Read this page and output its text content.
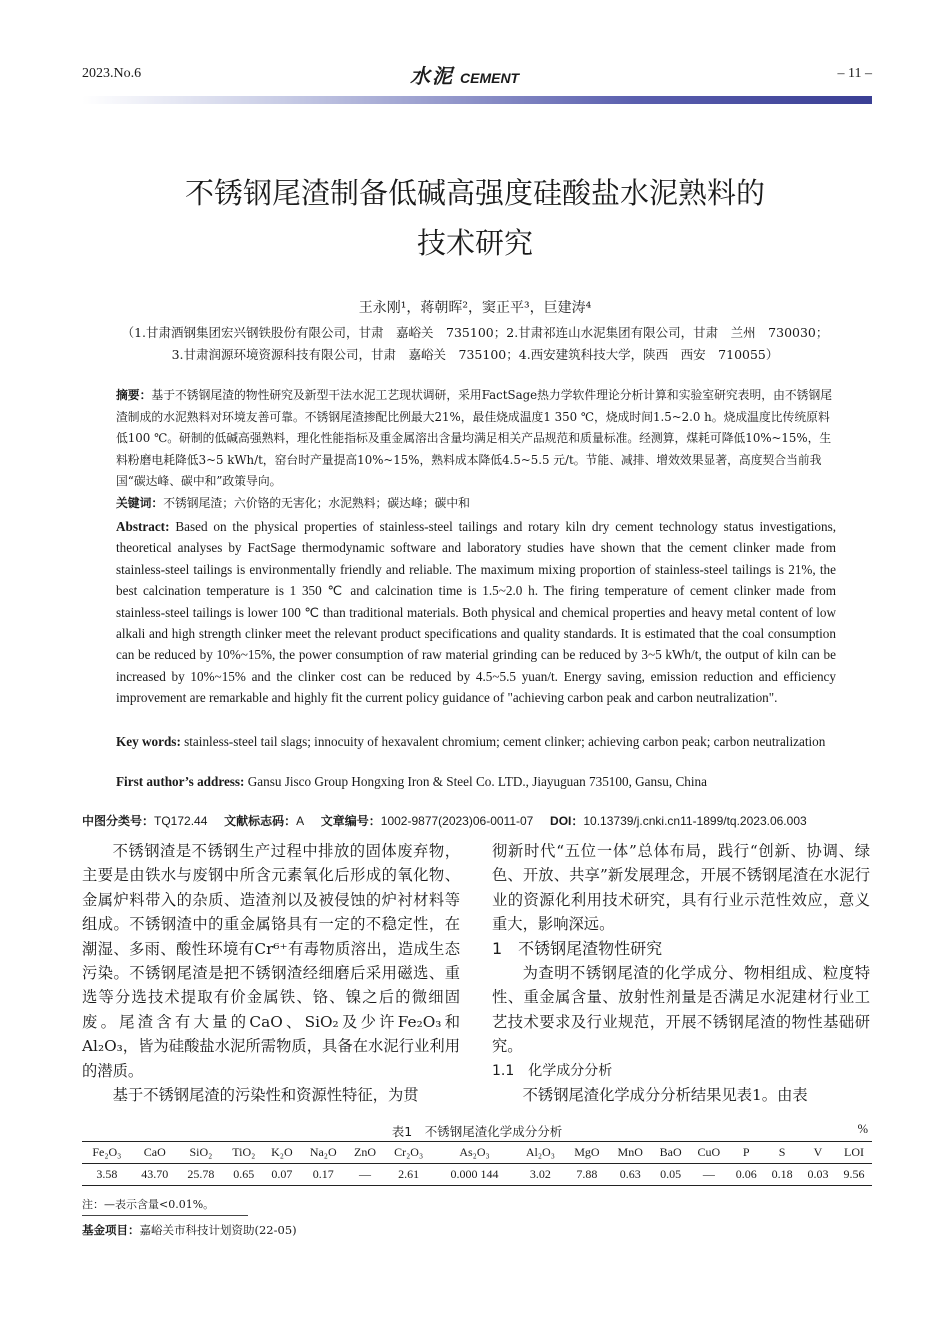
2023.No.6	水泥 CEMENT	– 11 –
不锈钢尾渣制备低碱高强度硅酸盐水泥熟料的
技术研究
王永刚¹，蒋朝晖²，窦正平³，巨建涛⁴
（1.甘肃酒钢集团宏兴钢铁股份有限公司，甘肃　嘉峪关　735100；2.甘肃祁连山水泥集团有限公司，甘肃　兰州　730030；
3.甘肃润源环境资源科技有限公司，甘肃　嘉峪关　735100；4.西安建筑科技大学，陕西　西安　710055）
摘要：基于不锈钢尾渣的物性研究及新型干法水泥工艺现状调研，采用FactSage热力学软件理论分析计算和实验室研究表明，由不锈钢尾渣制成的水泥熟料对环境友善可靠。不锈钢尾渣掺配比例最大21%，最佳烧成温度1 350 ℃，烧成时间1.5~2.0 h。烧成温度比传统原料低100 ℃。研制的低碱高强熟料，理化性能指标及重金属溶出含量均满足相关产品规范和质量标准。经测算，煤耗可降低10%~15%，生料粉磨电耗降低3~5 kWh/t，窑台时产量提高10%~15%，熟料成本降低4.5~5.5 元/t。节能、减排、增效效果显著，高度契合当前我国“碳达峰、碳中和”政策导向。
关键词：不锈钢尾渣；六价铬的无害化；水泥熟料；碳达峰；碳中和
Abstract: Based on the physical properties of stainless-steel tailings and rotary kiln dry cement technology status investigations, theoretical analyses by FactSage thermodynamic software and laboratory studies have shown that the cement clinker made from stainless-steel tailings is environmentally friendly and reliable. The maximum mixing proportion of stainless-steel tailings is 21%, the best calcination temperature is 1 350 ℃ and calcination time is 1.5~2.0 h. The firing temperature of cement clinker made from stainless-steel tailings is lower 100 ℃ than traditional materials. Both physical and chemical properties and heavy metal content of low alkali and high strength clinker meet the relevant product specifications and quality standards. It is estimated that the coal consumption can be reduced by 10%~15%, the power consumption of raw material grinding can be reduced by 3~5 kWh/t, the output of kiln can be increased by 10%~15% and the clinker cost can be reduced by 4.5~5.5 yuan/t. Energy saving, emission reduction and efficiency improvement are remarkable and highly fit the current policy guidance of "achieving carbon peak and carbon neutralization".
Key words: stainless-steel tail slags; innocuity of hexavalent chromium; cement clinker; achieving carbon peak; carbon neutralization
First author’s address: Gansu Jisco Group Hongxing Iron & Steel Co. LTD., Jiayuguan 735100, Gansu, China
中图分类号：TQ172.44 文献标志码：A 文章编号：1002-9877(2023)06-0011-07 DOI：10.13739/j.cnki.cn11-1899/tq.2023.06.003

不锈钢渣是不锈钢生产过程中排放的固体废弃物，主要是由铁水与废钢中所含元素氧化后形成的氧化物、金属炉料带入的杂质、造渣剂以及被侵蚀的炉衬材料等组成。不锈钢渣中的重金属铬具有一定的不稳定性，在潮湿、多雨、酸性环境有Cr⁶⁺有毒物质溶出，造成生态污染。不锈钢尾渣是把不锈钢渣经细磨后采用磁选、重选等分选技术提取有价金属铁、铬、镍之后的微细固废。尾渣含有大量的CaO、SiO₂及少许Fe₂O₃和Al₂O₃，皆为硅酸盐水泥所需物质，具备在水泥行业利用的潜质。

基于不锈钢尾渣的污染性和资源性特征，为贯

彻新时代“五位一体”总体布局，践行“创新、协调、绿色、开放、共享”新发展理念，开展不锈钢尾渣在水泥行业的资源化利用技术研究，具有行业示范性效应，意义重大，影响深远。

1　不锈钢尾渣物性研究

为查明不锈钢尾渣的化学成分、物相组成、粒度特性、重金属含量、放射性剂量是否满足水泥建材行业工艺技术要求及行业规范，开展不锈钢尾渣的物性基础研究。

1.1　化学成分分析

不锈钢尾渣化学成分分析结果见表1。由表

表1　不锈钢尾渣化学成分分析	%
Fe₂O₃	CaO	SiO₂	TiO₂	K₂O	Na₂O	ZnO	Cr₂O₃	As₂O₃	Al₂O₃	MgO	MnO	BaO	CuO	P	S	V	LOI
3.58	43.70	25.78	0.65	0.07	0.17	—	2.61	0.000 144	3.02	7.88	0.63	0.05	—	0.06	0.18	0.03	9.56
注：—表示含量<0.01%。
基金项目：嘉峪关市科技计划资助(22-05)
